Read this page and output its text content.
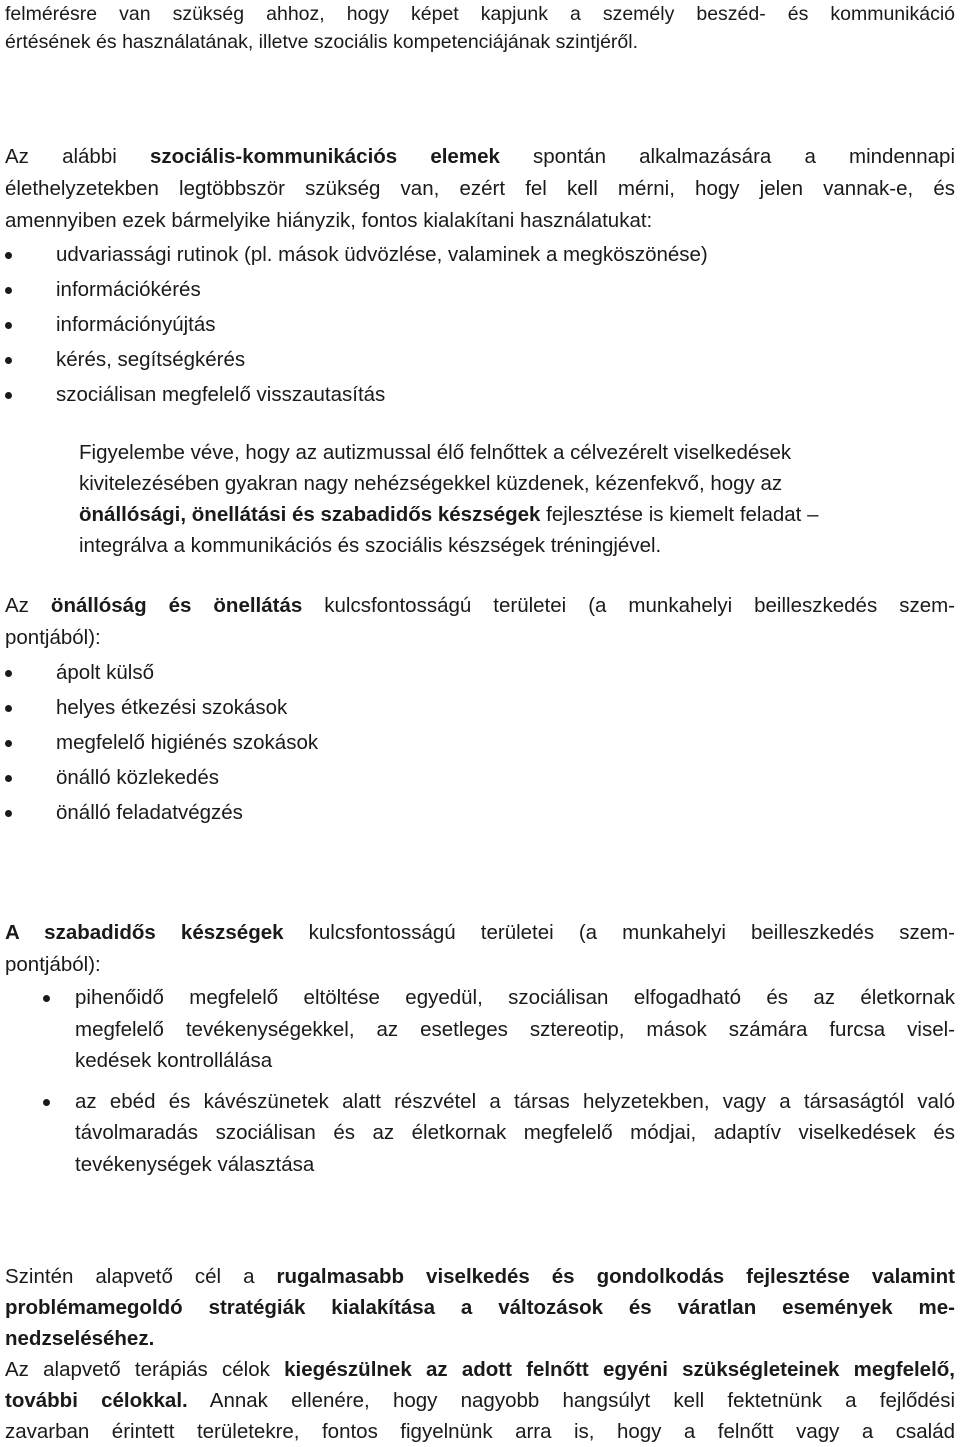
felmérésre van szükség ahhoz, hogy képet kapjunk a személy beszéd- és kommunikáció
értésének és használatának, illetve szociális kompetenciájának szintjéről.
Az alábbi szociális-kommunikációs elemek spontán alkalmazására a mindennapi
élethelyzetekben legtöbbször szükség van, ezért fel kell mérni, hogy jelen vannak-e, és
amennyiben ezek bármelyike hiányzik, fontos kialakítani használatukat:
udvariassági rutinok (pl. mások üdvözlése, valaminek a megköszönése)
információkérés
információnyújtás
kérés, segítségkérés
szociálisan megfelelő visszautasítás
Figyelembe véve, hogy az autizmussal élő felnőttek a célvezérelt viselkedések
kivitelezésében gyakran nagy nehézségekkel küzdenek, kézenfekvő, hogy az
önállósági, önellátási és szabadidős készségek fejlesztése is kiemelt feladat –
integrálva a kommunikációs és szociális készségek tréningjével.
Az önállóság és önellátás kulcsfontosságú területei (a munkahelyi beilleszkedés szem-
pontjából):
ápolt külső
helyes étkezési szokások
megfelelő higiénés szokások
önálló közlekedés
önálló feladatvégzés
A szabadidős készségek kulcsfontosságú területei (a munkahelyi beilleszkedés szem-
pontjából):
pihenőidő megfelelő eltöltése egyedül, szociálisan elfogadható és az életkornak
megfelelő tevékenységekkel, az esetleges sztereotip, mások számára furcsa visel-
kedések kontrollálása
az ebéd és kávészünetek alatt részvétel a társas helyzetekben, vagy a társaságtól való
távolmaradás szociálisan és az életkornak megfelelő módjai, adaptív viselkedések és
tevékenységek választása
Szintén alapvető cél a rugalmasabb viselkedés és gondolkodás fejlesztése valamint
problémamegoldó stratégiák kialakítása a változások és váratlan események me-
nedzseléséhez.
Az alapvető terápiás célok kiegészülnek az adott felnőtt egyéni szükségleteinek megfelelő,
további célokkal. Annak ellenére, hogy nagyobb hangsúlyt kell fektetnünk a fejlődési
zavarban érintett területekre, fontos figyelnünk arra is, hogy a felnőtt vagy a család
